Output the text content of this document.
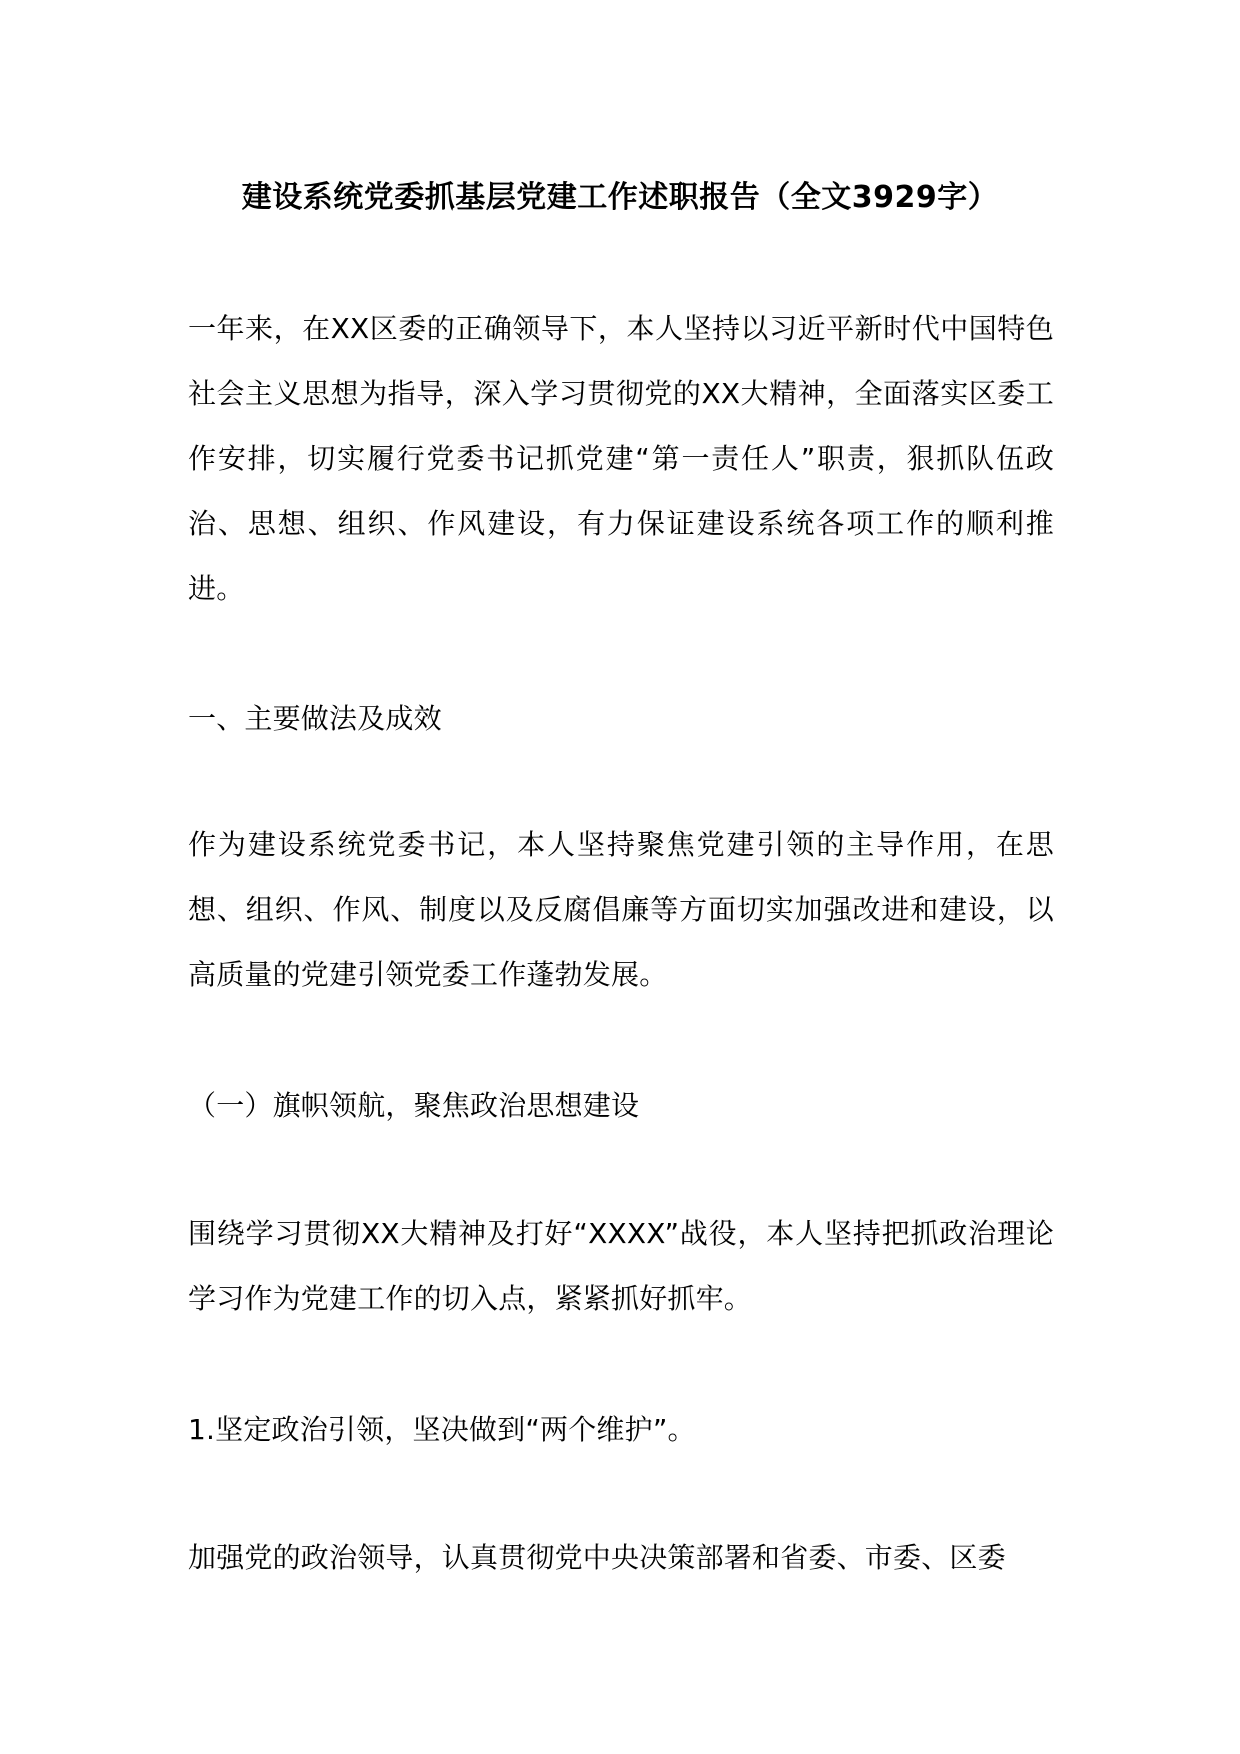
建设系统党委抓基层党建工作述职报告（全文3929字）

一年来，在XX区委的正确领导下，本人坚持以习近平新时代中国特色社会主义思想为指导，深入学习贯彻党的XX大精神，全面落实区委工作安排，切实履行党委书记抓党建“第一责任人”职责，狠抓队伍政治、思想、组织、作风建设，有力保证建设系统各项工作的顺利推进。

一、主要做法及成效

作为建设系统党委书记，本人坚持聚焦党建引领的主导作用，在思想、组织、作风、制度以及反腐倡廉等方面切实加强改进和建设，以高质量的党建引领党委工作蓬勃发展。

（一）旗帜领航，聚焦政治思想建设

围绕学习贯彻XX大精神及打好“XXXX”战役，本人坚持把抓政治理论学习作为党建工作的切入点，紧紧抓好抓牢。

1.坚定政治引领，坚决做到“两个维护”。

加强党的政治领导，认真贯彻党中央决策部署和省委、市委、区委
